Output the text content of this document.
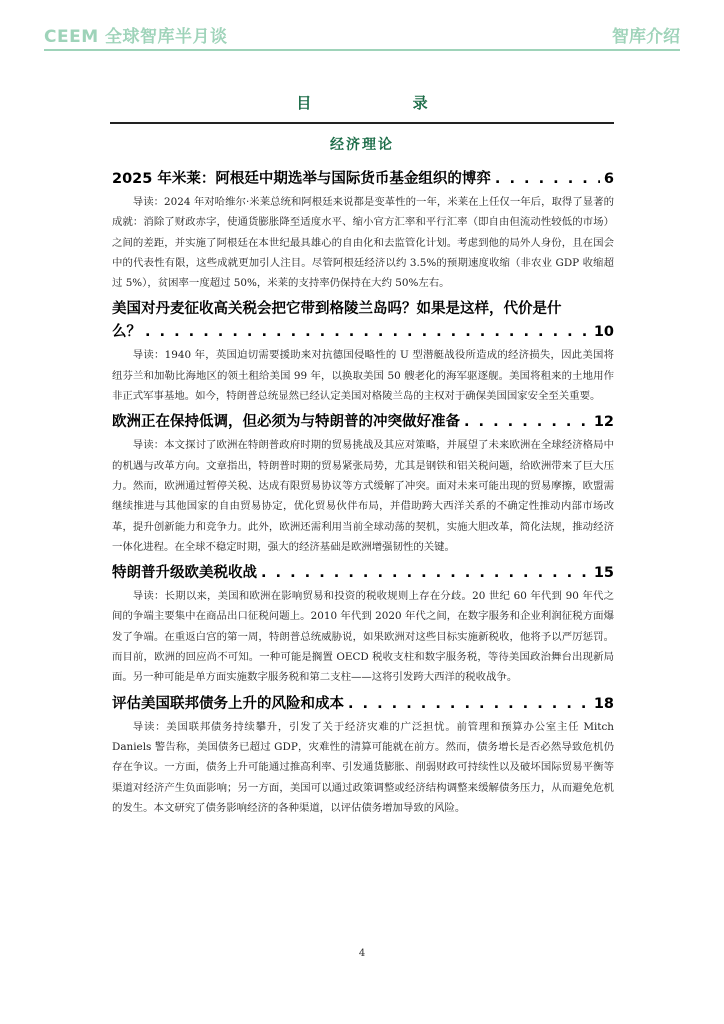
CEEM 全球智库半月谈	智库介绍
目 录
经济理论
2025 年米莱：阿根廷中期选举与国际货币基金组织的博弈 . . .	6

导读：2024 年对哈维尔·米莱总统和阿根廷来说都是变革性的一年，米莱在上任仅一年后，取得了显著的成就：消除了财政赤字，使通货膨胀降至适度水平、缩小官方汇率和平行汇率（即自由但流动性较低的市场）之间的差距，并实施了阿根廷在本世纪最具雄心的自由化和去监管化计划。考虑到他的局外人身份，且在国会中的代表性有限，这些成就更加引人注目。尽管阿根廷经济以约 3.5%的预期速度收缩（非农业 GDP 收缩超过 5%），贫困率一度超过 50%，米莱的支持率仍保持在大约 50%左右。

美国对丹麦征收高关税会把它带到格陵兰岛吗？如果是这样，代价是什
么？ . . .	10

导读：1940 年，英国迫切需要援助来对抗德国侵略性的 U 型潜艇战役所造成的经济损失，因此美国将纽芬兰和加勒比海地区的领土租给美国 99 年，以换取美国 50 艘老化的海军驱逐舰。美国将租来的土地用作非正式军事基地。如今，特朗普总统显然已经认定美国对格陵兰岛的主权对于确保美国国家安全至关重要。

欧洲正在保持低调，但必须为与特朗普的冲突做好准备 . . .	12

导读：本文探讨了欧洲在特朗普政府时期的贸易挑战及其应对策略，并展望了未来欧洲在全球经济格局中的机遇与改革方向。文章指出，特朗普时期的贸易紧张局势，尤其是钢铁和铝关税问题，给欧洲带来了巨大压力。然而，欧洲通过暂停关税、达成有限贸易协议等方式缓解了冲突。面对未来可能出现的贸易摩擦，欧盟需继续推进与其他国家的自由贸易协定，优化贸易伙伴布局，并借助跨大西洋关系的不确定性推动内部市场改革，提升创新能力和竞争力。此外，欧洲还需利用当前全球动荡的契机，实施大胆改革，简化法规，推动经济一体化进程。在全球不稳定时期，强大的经济基础是欧洲增强韧性的关键。

特朗普升级欧美税收战 . . .	15

导读：长期以来，美国和欧洲在影响贸易和投资的税收规则上存在分歧。20 世纪 60 年代到 90 年代之间的争端主要集中在商品出口征税问题上。2010 年代到 2020 年代之间，在数字服务和企业利润征税方面爆发了争端。在重返白宫的第一周，特朗普总统威胁说，如果欧洲对这些目标实施新税收，他将予以严厉惩罚。而目前，欧洲的回应尚不可知。一种可能是搁置 OECD 税收支柱和数字服务税，等待美国政治舞台出现新局面。另一种可能是单方面实施数字服务税和第二支柱——这将引发跨大西洋的税收战争。

评估美国联邦债务上升的风险和成本 . . .	18

导读：美国联邦债务持续攀升，引发了关于经济灾难的广泛担忧。前管理和预算办公室主任 Mitch Daniels 警告称，美国债务已超过 GDP，灾难性的清算可能就在前方。然而，债务增长是否必然导致危机仍存在争议。一方面，债务上升可能通过推高利率、引发通货膨胀、削弱财政可持续性以及破坏国际贸易平衡等渠道对经济产生负面影响；另一方面，美国可以通过政策调整或经济结构调整来缓解债务压力，从而避免危机的发生。本文研究了债务影响经济的各种渠道，以评估债务增加导致的风险。

4
